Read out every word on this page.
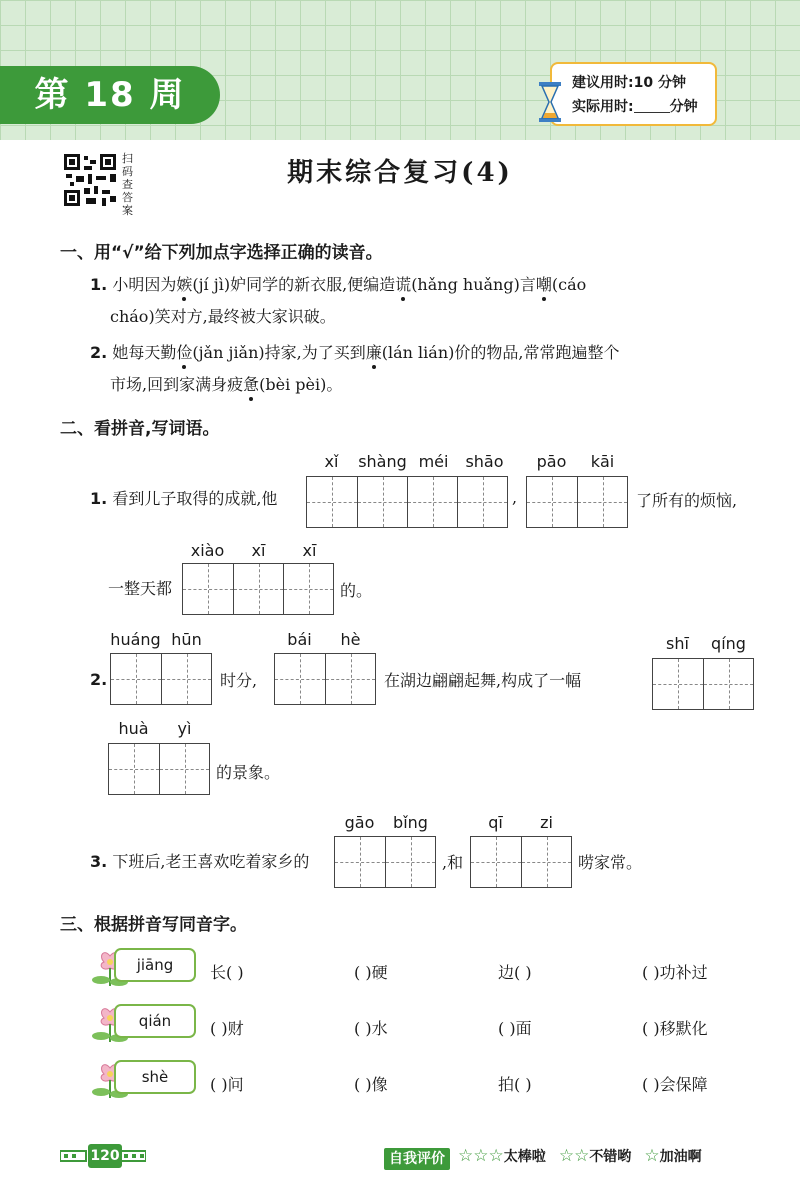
第 18 周	建议用时:10 分钟
实际用时:	分钟
扫
码
查
答
案
期末综合复习(4)
一、用“√”给下列加点字选择正确的读音。
1. 小明因为嫉(jí jì)妒同学的新衣服,便编造谎(hǎng huǎng)言嘲(cáo
cháo)笑对方,最终被大家识破。
2. 她每天勤俭(jǎn jiǎn)持家,为了买到廉(lán lián)价的物品,常常跑遍整个
市场,回到家满身疲惫(bèi pèi)。
二、看拼音,写词语。
1. 看到儿子取得的成就,他
xǐ	shàng méi	shāo
,
pāo	kāi
了所有的烦恼,
一整天都
xiào	xī	xī
的。
2.
huáng hūn
时分,
bái	hè
在湖边翩翩起舞,构成了一幅
shī	qíng
huà	yì
的景象。
3. 下班后,老王喜欢吃着家乡的
gāo	bǐng
,和
qī	zi
唠家常。
三、根据拼音写同音字。
jiāng	长( )	( )硬	边( )	( )功补过
qián	( )财	( )水	( )面	( )移默化
shè	( )问	( )像	拍( )	( )会保障
120	自我评价 ☆☆☆太棒啦 ☆☆不错哟 ☆加油啊
